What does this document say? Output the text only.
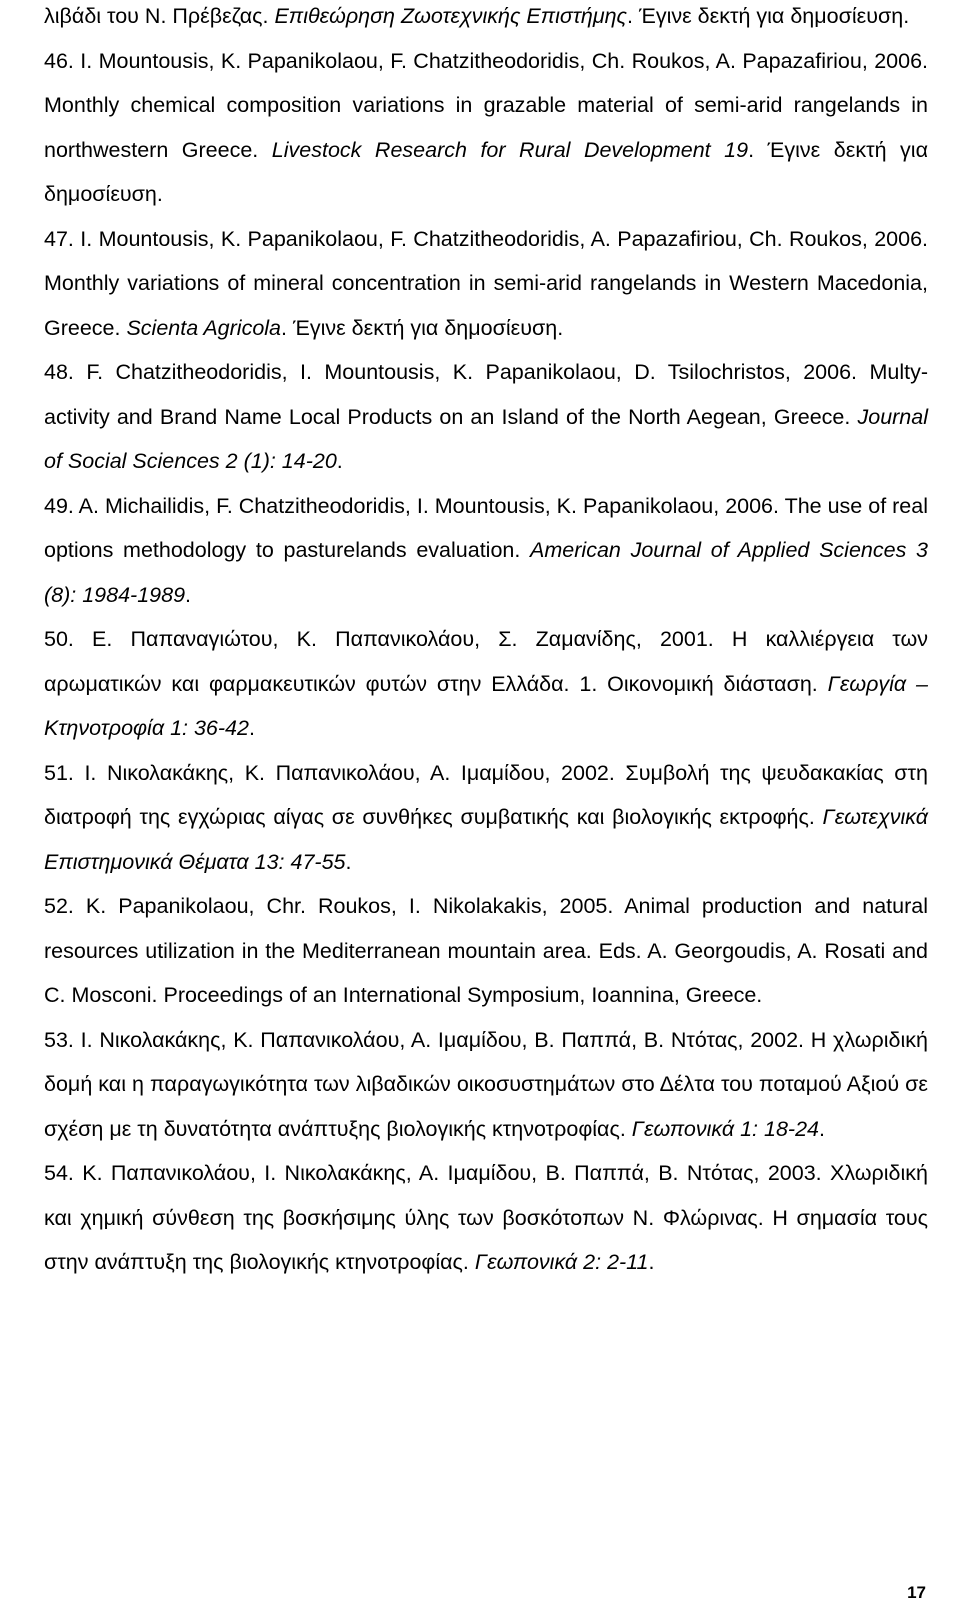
λιβάδι του Ν. Πρέβεζας. Επιθεώρηση Ζωοτεχνικής Επιστήμης. Έγινε δεκτή για δημοσίευση.

46. I. Mountousis, K. Papanikolaou, F. Chatzitheodoridis, Ch. Roukos, A. Papazafiriou, 2006. Monthly chemical composition variations in grazable material of semi-arid rangelands in northwestern Greece. Livestock Research for Rural Development 19. Έγινε δεκτή για δημοσίευση.

47. I. Mountousis, K. Papanikolaou, F. Chatzitheodoridis, A. Papazafiriou, Ch. Roukos, 2006. Monthly variations of mineral concentration in semi-arid rangelands in Western Macedonia, Greece. Scienta Agricola. Έγινε δεκτή για δημοσίευση.

48. F. Chatzitheodoridis, I. Mountousis, K. Papanikolaou, D. Tsilochristos, 2006. Multy-activity and Brand Name Local Products on an Island of the North Aegean, Greece. Journal of Social Sciences 2 (1): 14-20.

49. A. Michailidis, F. Chatzitheodoridis, I. Mountousis, K. Papanikolaou, 2006. The use of real options methodology to pasturelands evaluation. American Journal of Applied Sciences 3 (8): 1984-1989.

50. Ε. Παπαναγιώτου, Κ. Παπανικολάου, Σ. Ζαμανίδης, 2001. Η καλλιέργεια των αρωματικών και φαρμακευτικών φυτών στην Ελλάδα. 1. Οικονομική διάσταση. Γεωργία – Κτηνοτροφία 1: 36-42.

51. Ι. Νικολακάκης, Κ. Παπανικολάου, Α. Ιμαμίδου, 2002. Συμβολή της ψευδακακίας στη διατροφή της εγχώριας αίγας σε συνθήκες συμβατικής και βιολογικής εκτροφής. Γεωτεχνικά Επιστημονικά Θέματα 13: 47-55.

52. K. Papanikolaou, Chr. Roukos, I. Nikolakakis, 2005. Animal production and natural resources utilization in the Mediterranean mountain area. Eds. A. Georgoudis, A. Rosati and C. Mosconi. Proceedings of an International Symposium, Ioannina, Greece.

53. Ι. Νικολακάκης, Κ. Παπανικολάου, Α. Ιμαμίδου, Β. Παππά, Β. Ντότας, 2002. Η χλωριδική δομή και η παραγωγικότητα των λιβαδικών οικοσυστημάτων στο Δέλτα του ποταμού Αξιού σε σχέση με τη δυνατότητα ανάπτυξης βιολογικής κτηνοτροφίας. Γεωπονικά 1: 18-24.

54. Κ. Παπανικολάου, Ι. Νικολακάκης, Α. Ιμαμίδου, Β. Παππά, Β. Ντότας, 2003. Χλωριδική και χημική σύνθεση της βοσκήσιμης ύλης των βοσκότοπων Ν. Φλώρινας. Η σημασία τους στην ανάπτυξη της βιολογικής κτηνοτροφίας. Γεωπονικά 2: 2-11.

17
